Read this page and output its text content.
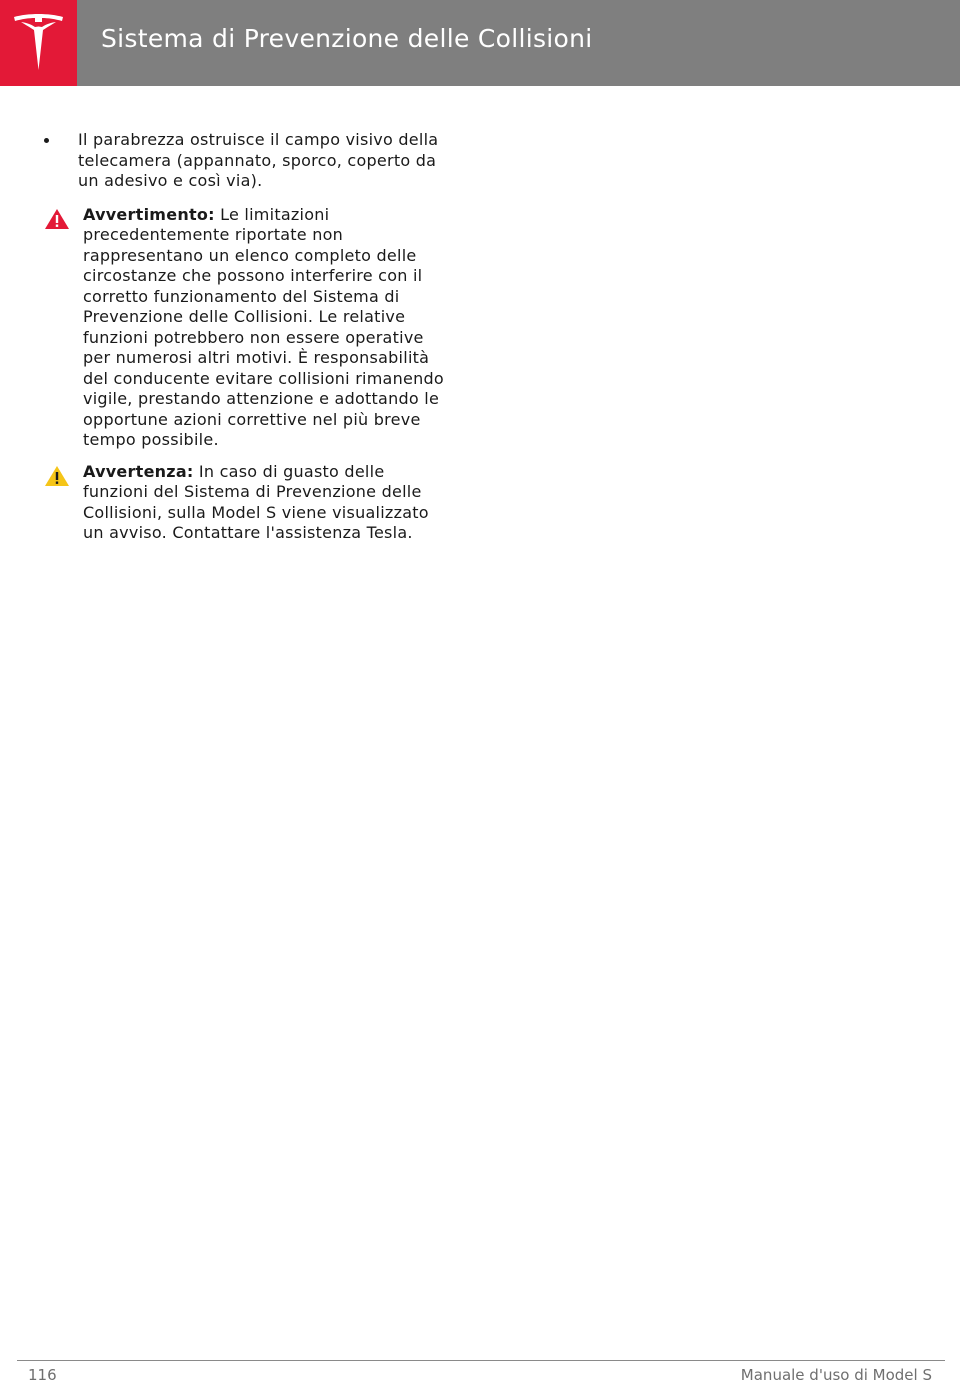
Sistema di Prevenzione delle Collisioni
Il parabrezza ostruisce il campo visivo della telecamera (appannato, sporco, coperto da un adesivo e così via).
Avvertimento: Le limitazioni precedentemente riportate non rappresentano un elenco completo delle circostanze che possono interferire con il corretto funzionamento del Sistema di Prevenzione delle Collisioni. Le relative funzioni potrebbero non essere operative per numerosi altri motivi. È responsabilità del conducente evitare collisioni rimanendo vigile, prestando attenzione e adottando le opportune azioni correttive nel più breve tempo possibile.
Avvertenza: In caso di guasto delle funzioni del Sistema di Prevenzione delle Collisioni, sulla Model S viene visualizzato un avviso. Contattare l'assistenza Tesla.
116	Manuale d'uso di Model S
